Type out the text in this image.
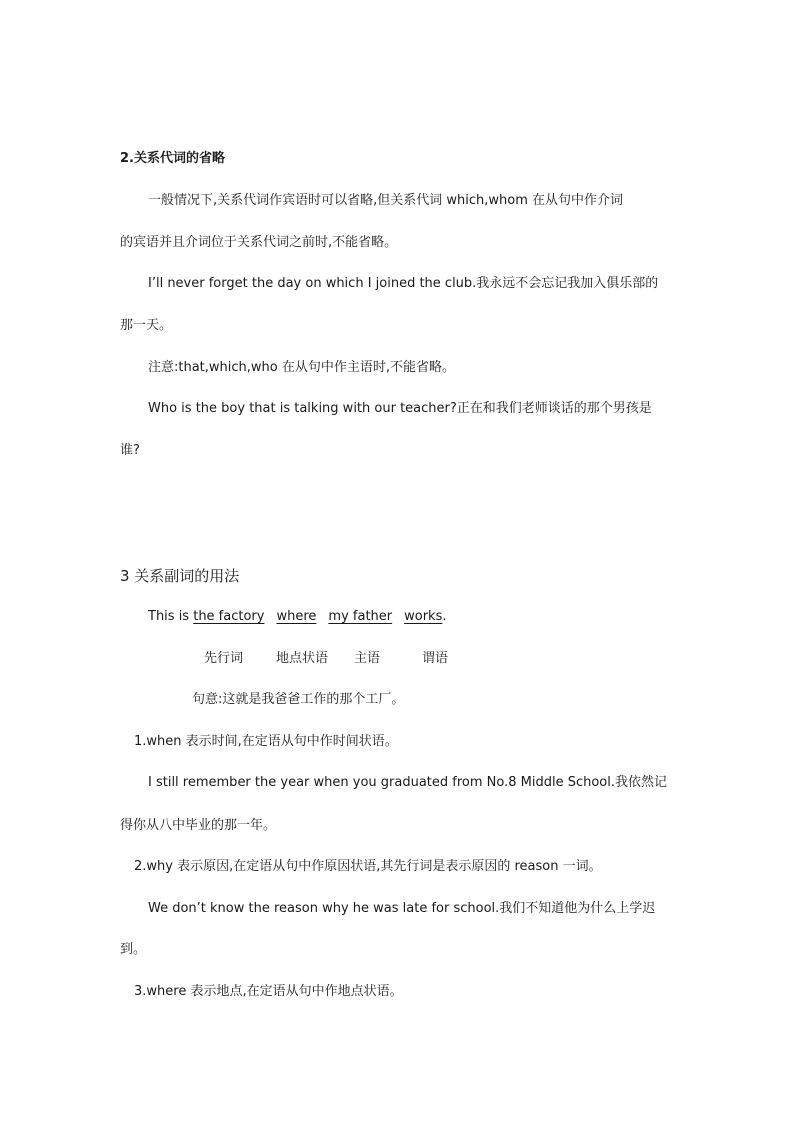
2.关系代词的省略
一般情况下,关系代词作宾语时可以省略,但关系代词 which,whom 在从句中作介词
的宾语并且介词位于关系代词之前时,不能省略。
I’ll never forget the day on which I joined the club.我永远不会忘记我加入俱乐部的
那一天。
注意:that,which,who 在从句中作主语时,不能省略。
Who is the boy that is talking with our teacher?正在和我们老师谈话的那个男孩是
谁?
3 关系副词的用法
This is the factory where my father works.
先行词	地点状语 主语	谓语
句意:这就是我爸爸工作的那个工厂。
1.when 表示时间,在定语从句中作时间状语。
I still remember the year when you graduated from No.8 Middle School.我依然记
得你从八中毕业的那一年。
2.why 表示原因,在定语从句中作原因状语,其先行词是表示原因的 reason 一词。
We don’t know the reason why he was late for school.我们不知道他为什么上学迟
到。
3.where 表示地点,在定语从句中作地点状语。
